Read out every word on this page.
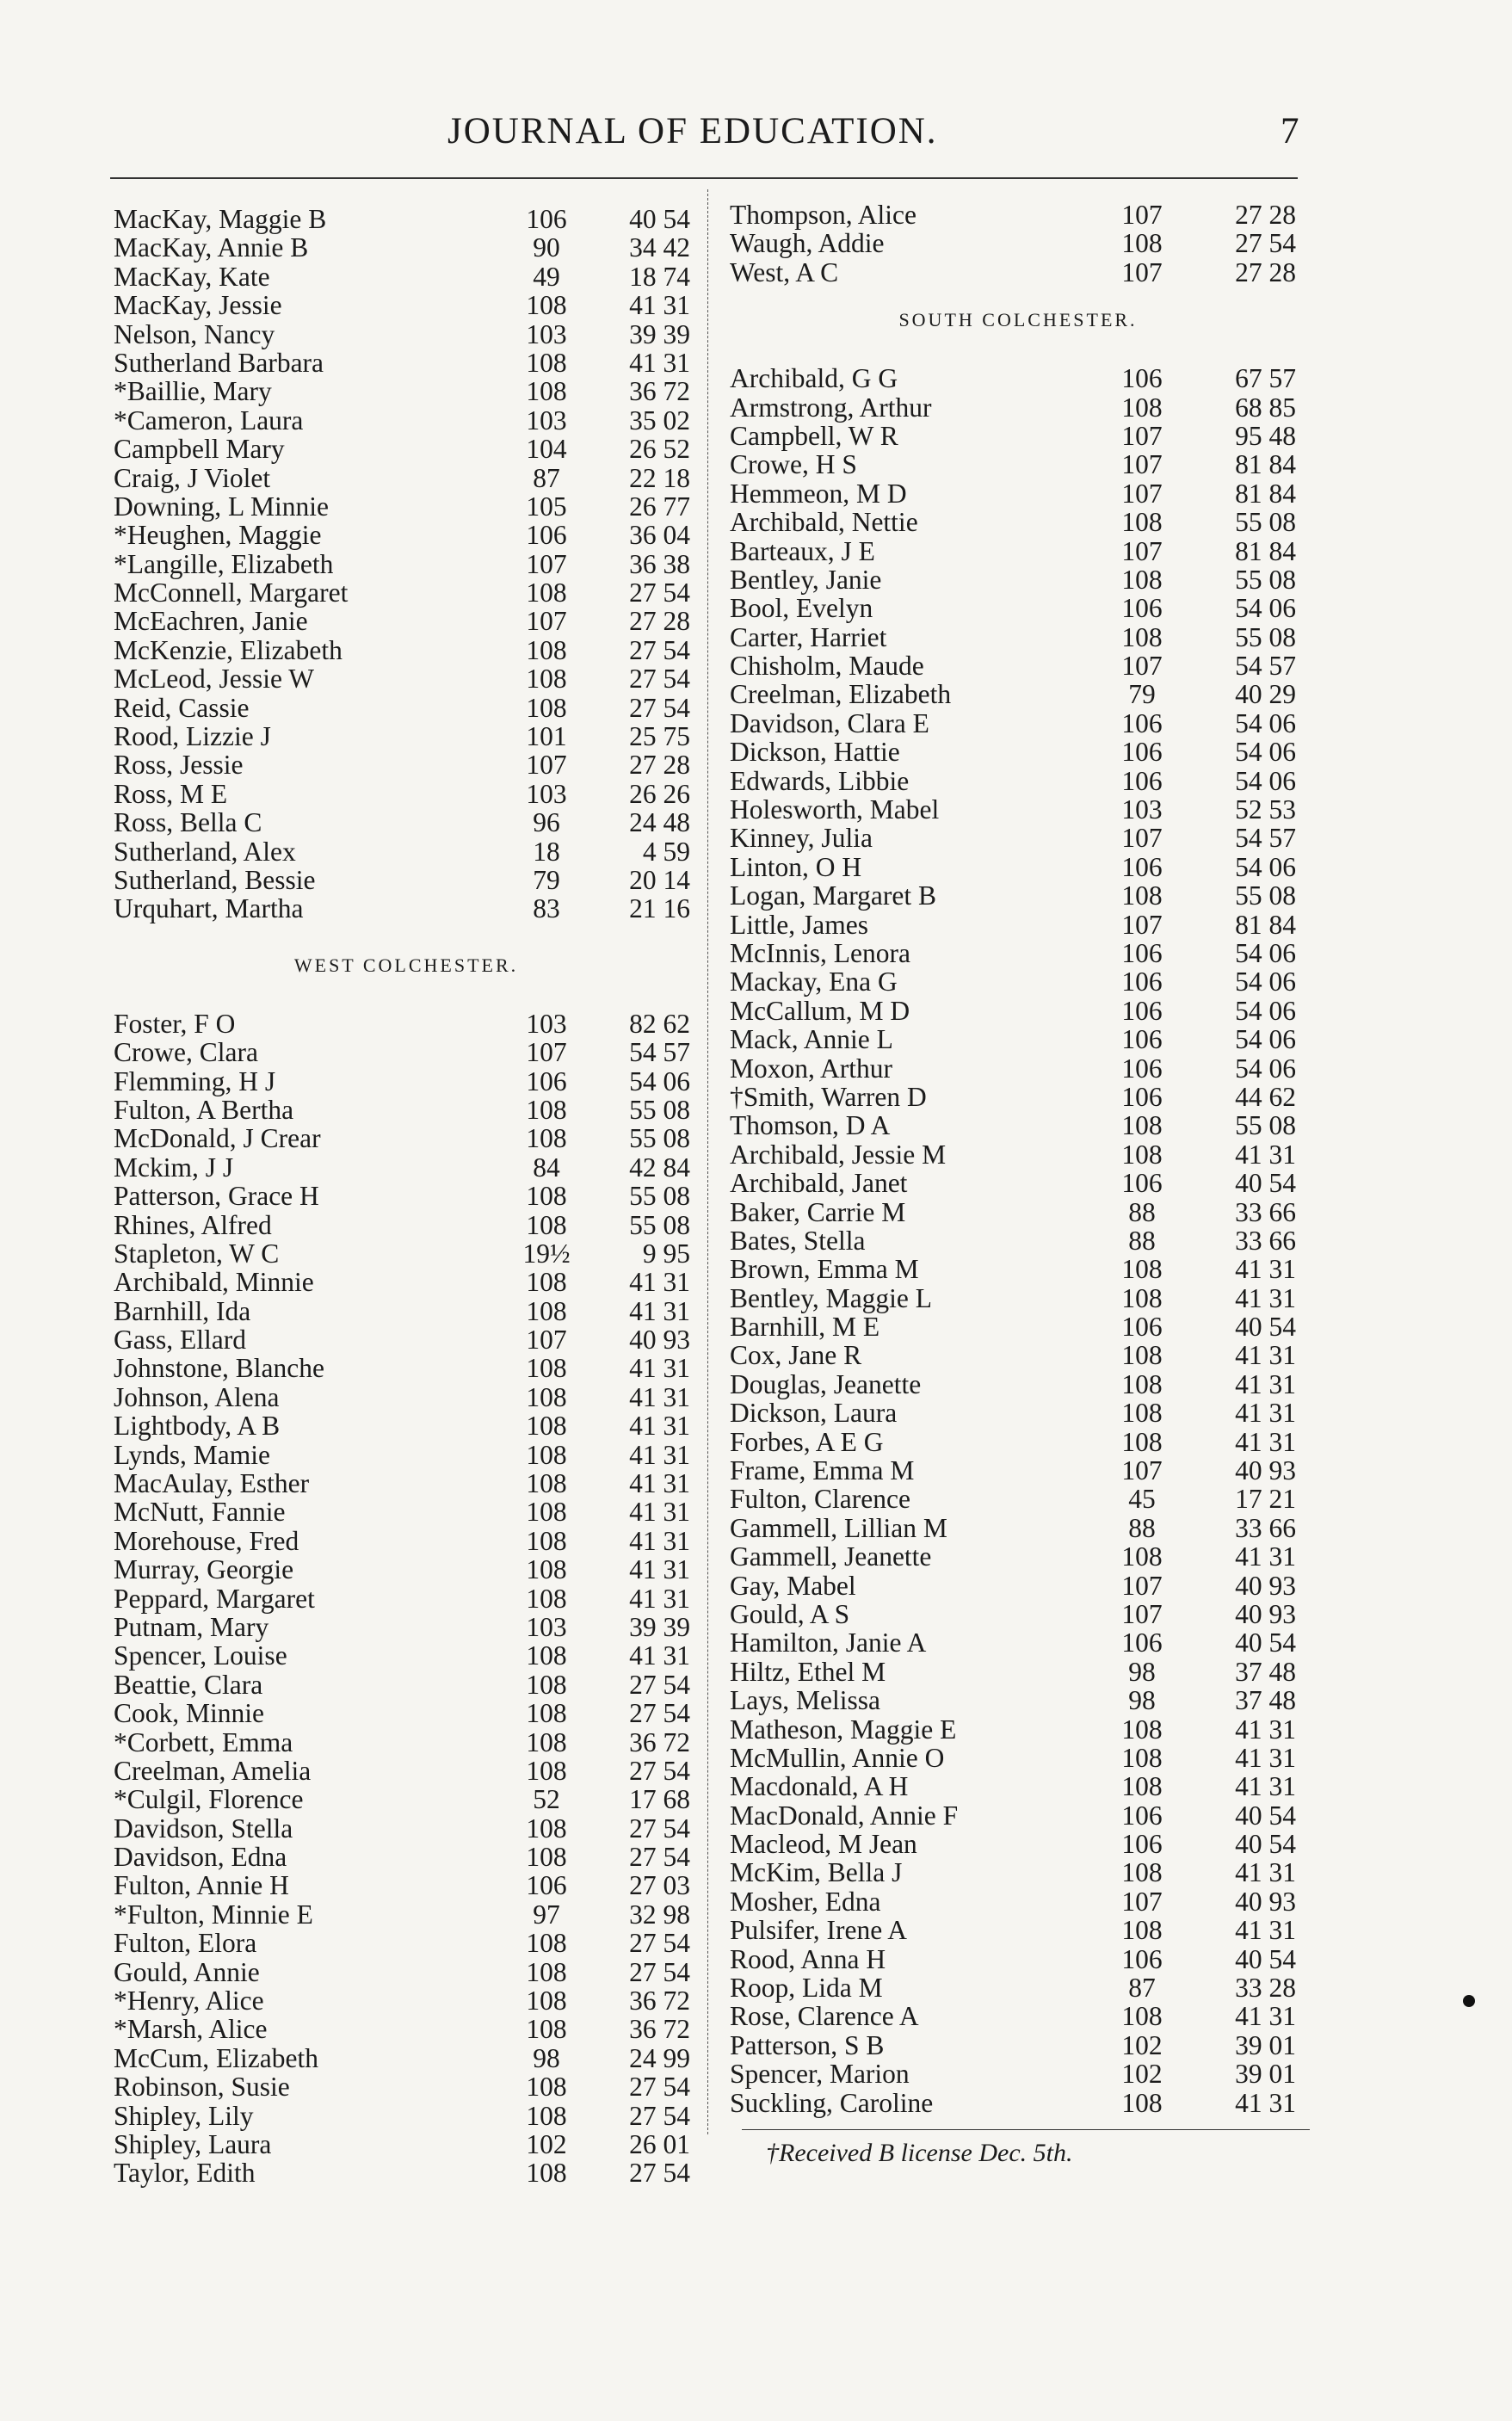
JOURNAL OF EDUCATION.	7
MacKay, Maggie B	106	40 54
MacKay, Annie B	90	34 42
MacKay, Kate	49	18 74
MacKay, Jessie	108	41 31
Nelson, Nancy	103	39 39
Sutherland Barbara	108	41 31
*Baillie, Mary	108	36 72
*Cameron, Laura	103	35 02
Campbell Mary	104	26 52
Craig, J Violet	87	22 18
Downing, L Minnie	105	26 77
*Heughen, Maggie	106	36 04
*Langille, Elizabeth	107	36 38
McConnell, Margaret	108	27 54
McEachren, Janie	107	27 28
McKenzie, Elizabeth	108	27 54
McLeod, Jessie W	108	27 54
Reid, Cassie	108	27 54
Rood, Lizzie J	101	25 75
Ross, Jessie	107	27 28
Ross, M E	103	26 26
Ross, Bella C	96	24 48
Sutherland, Alex	18	4 59
Sutherland, Bessie	79	20 14
Urquhart, Martha	83	21 16
WEST COLCHESTER.
Foster, F O	103	82 62
Crowe, Clara	107	54 57
Flemming, H J	106	54 06
Fulton, A Bertha	108	55 08
McDonald, J Crear	108	55 08
Mckim, J J	84	42 84
Patterson, Grace H	108	55 08
Rhines, Alfred	108	55 08
Stapleton, W C	19½	9 95
Archibald, Minnie	108	41 31
Barnhill, Ida	108	41 31
Gass, Ellard	107	40 93
Johnstone, Blanche	108	41 31
Johnson, Alena	108	41 31
Lightbody, A B	108	41 31
Lynds, Mamie	108	41 31
MacAulay, Esther	108	41 31
McNutt, Fannie	108	41 31
Morehouse, Fred	108	41 31
Murray, Georgie	108	41 31
Peppard, Margaret	108	41 31
Putnam, Mary	103	39 39
Spencer, Louise	108	41 31
Beattie, Clara	108	27 54
Cook, Minnie	108	27 54
*Corbett, Emma	108	36 72
Creelman, Amelia	108	27 54
*Culgil, Florence	52	17 68
Davidson, Stella	108	27 54
Davidson, Edna	108	27 54
Fulton, Annie H	106	27 03
*Fulton, Minnie E	97	32 98
Fulton, Elora	108	27 54
Gould, Annie	108	27 54
*Henry, Alice	108	36 72
*Marsh, Alice	108	36 72
McCum, Elizabeth	98	24 99
Robinson, Susie	108	27 54
Shipley, Lily	108	27 54
Shipley, Laura	102	26 01
Taylor, Edith	108	27 54
Thompson, Alice	107	27 28
Waugh, Addie	108	27 54
West, A C	107	27 28
SOUTH COLCHESTER.
Archibald, G G	106	67 57
Armstrong, Arthur	108	68 85
Campbell, W R	107	95 48
Crowe, H S	107	81 84
Hemmeon, M D	107	81 84
Archibald, Nettie	108	55 08
Barteaux, J E	107	81 84
Bentley, Janie	108	55 08
Bool, Evelyn	106	54 06
Carter, Harriet	108	55 08
Chisholm, Maude	107	54 57
Creelman, Elizabeth	79	40 29
Davidson, Clara E	106	54 06
Dickson, Hattie	106	54 06
Edwards, Libbie	106	54 06
Holesworth, Mabel	103	52 53
Kinney, Julia	107	54 57
Linton, O H	106	54 06
Logan, Margaret B	108	55 08
Little, James	107	81 84
McInnis, Lenora	106	54 06
Mackay, Ena G	106	54 06
McCallum, M D	106	54 06
Mack, Annie L	106	54 06
Moxon, Arthur	106	54 06
†Smith, Warren D	106	44 62
Thomson, D A	108	55 08
Archibald, Jessie M	108	41 31
Archibald, Janet	106	40 54
Baker, Carrie M	88	33 66
Bates, Stella	88	33 66
Brown, Emma M	108	41 31
Bentley, Maggie L	108	41 31
Barnhill, M E	106	40 54
Cox, Jane R	108	41 31
Douglas, Jeanette	108	41 31
Dickson, Laura	108	41 31
Forbes, A E G	108	41 31
Frame, Emma M	107	40 93
Fulton, Clarence	45	17 21
Gammell, Lillian M	88	33 66
Gammell, Jeanette	108	41 31
Gay, Mabel	107	40 93
Gould, A S	107	40 93
Hamilton, Janie A	106	40 54
Hiltz, Ethel M	98	37 48
Lays, Melissa	98	37 48
Matheson, Maggie E	108	41 31
McMullin, Annie O	108	41 31
Macdonald, A H	108	41 31
MacDonald, Annie F	106	40 54
Macleod, M Jean	106	40 54
McKim, Bella J	108	41 31
Mosher, Edna	107	40 93
Pulsifer, Irene A	108	41 31
Rood, Anna H	106	40 54
Roop, Lida M	87	33 28
Rose, Clarence A	108	41 31
Patterson, S B	102	39 01
Spencer, Marion	102	39 01
Suckling, Caroline	108	41 31
†Received B license Dec. 5th.
